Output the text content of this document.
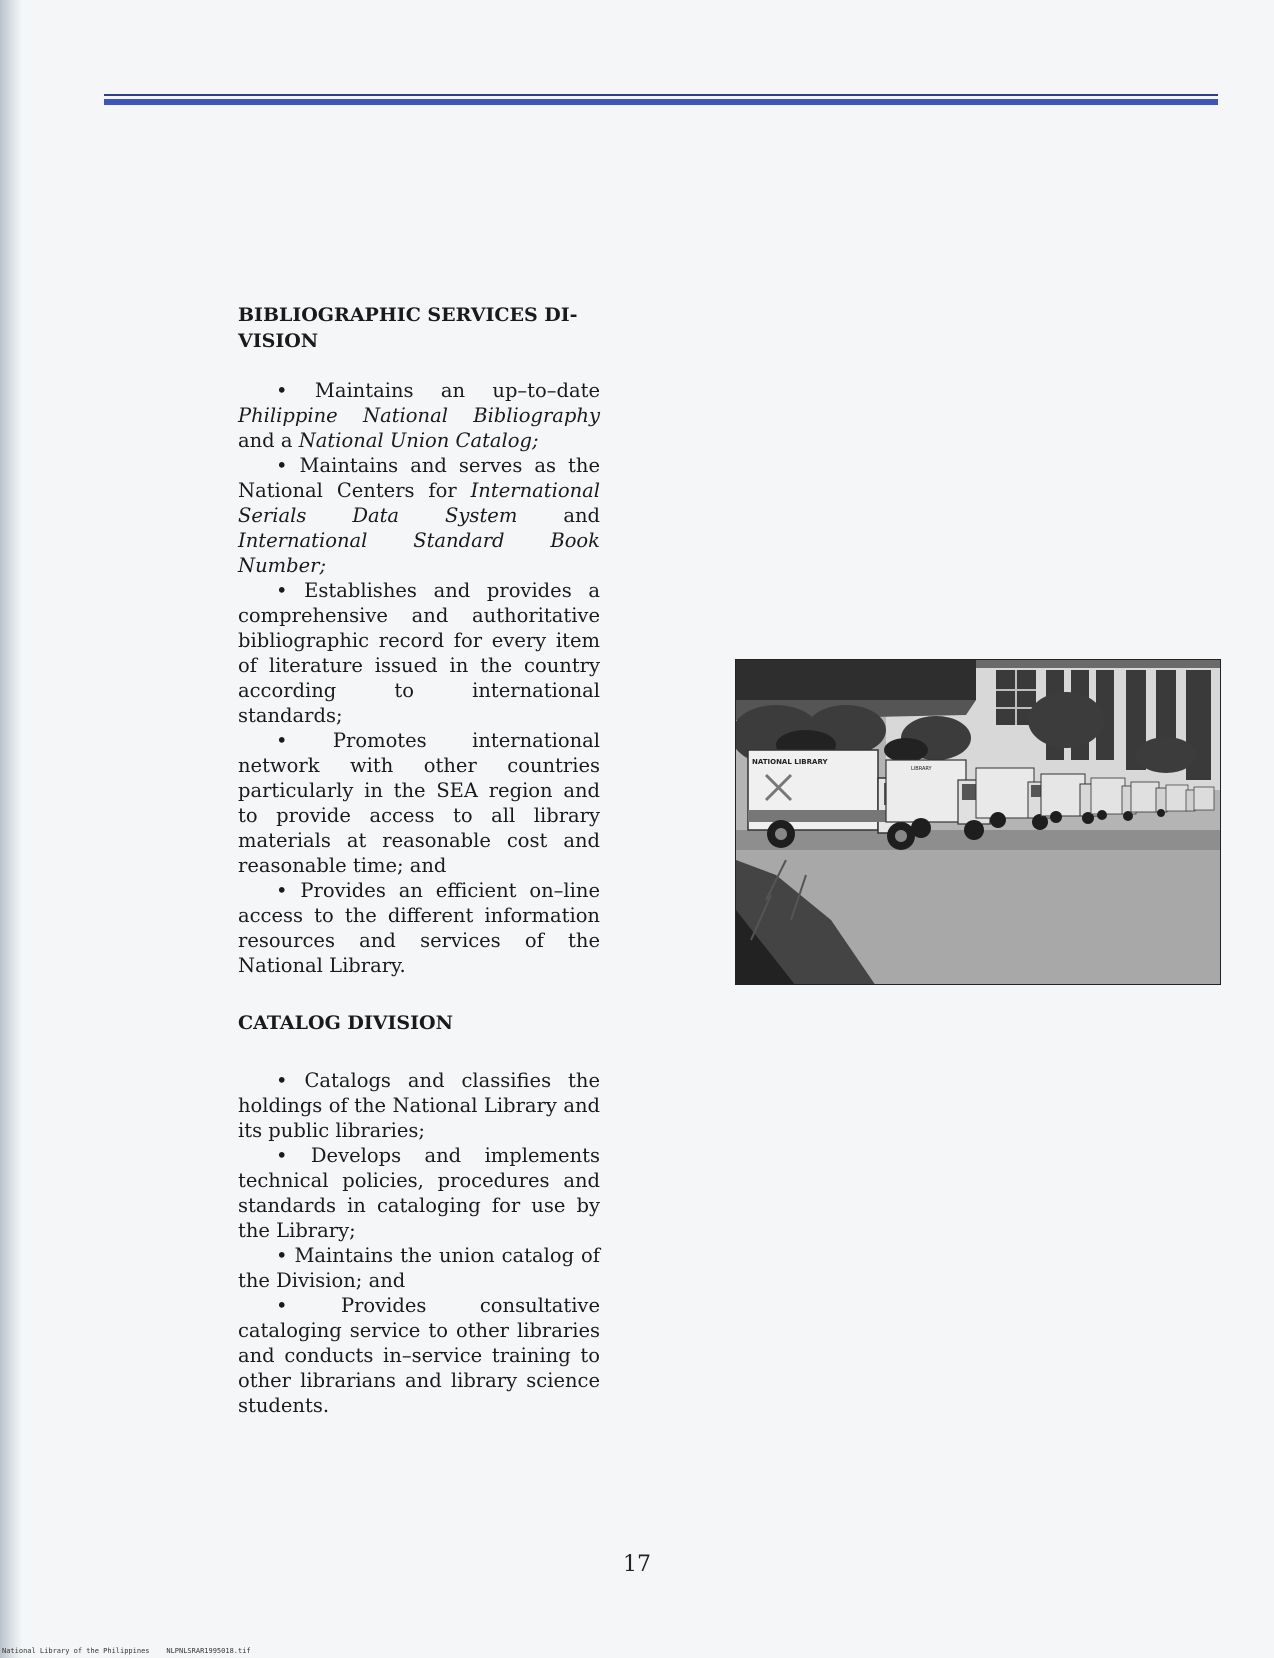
BIBLIOGRAPHIC SERVICES DI-
VISION

• Maintains an up–to–date Philippine National Bibliography and a National Union Catalog;

• Maintains and serves as the National Centers for International Serials Data System and International Standard Book Number;

• Establishes and provides a comprehensive and authoritative bibliographic record for every item of literature issued in the country according to international standards;

• Promotes international network with other countries particularly in the SEA region and to provide access to all library materials at reasonable cost and reasonable time; and

• Provides an efficient on–line access to the different information resources and services of the National Library.

CATALOG DIVISION

• Catalogs and classifies the holdings of the National Library and its public libraries;

• Develops and implements technical policies, procedures and standards in cataloging for use by the Library;

• Maintains the union catalog of the Division; and

• Provides consultative cataloging service to other libraries and conducts in–service training to other librarians and library science students.

NATIONAL LIBRARY
LIBRARY
17
National Library of the Philippines    NLPNLSRAR1995018.tif
